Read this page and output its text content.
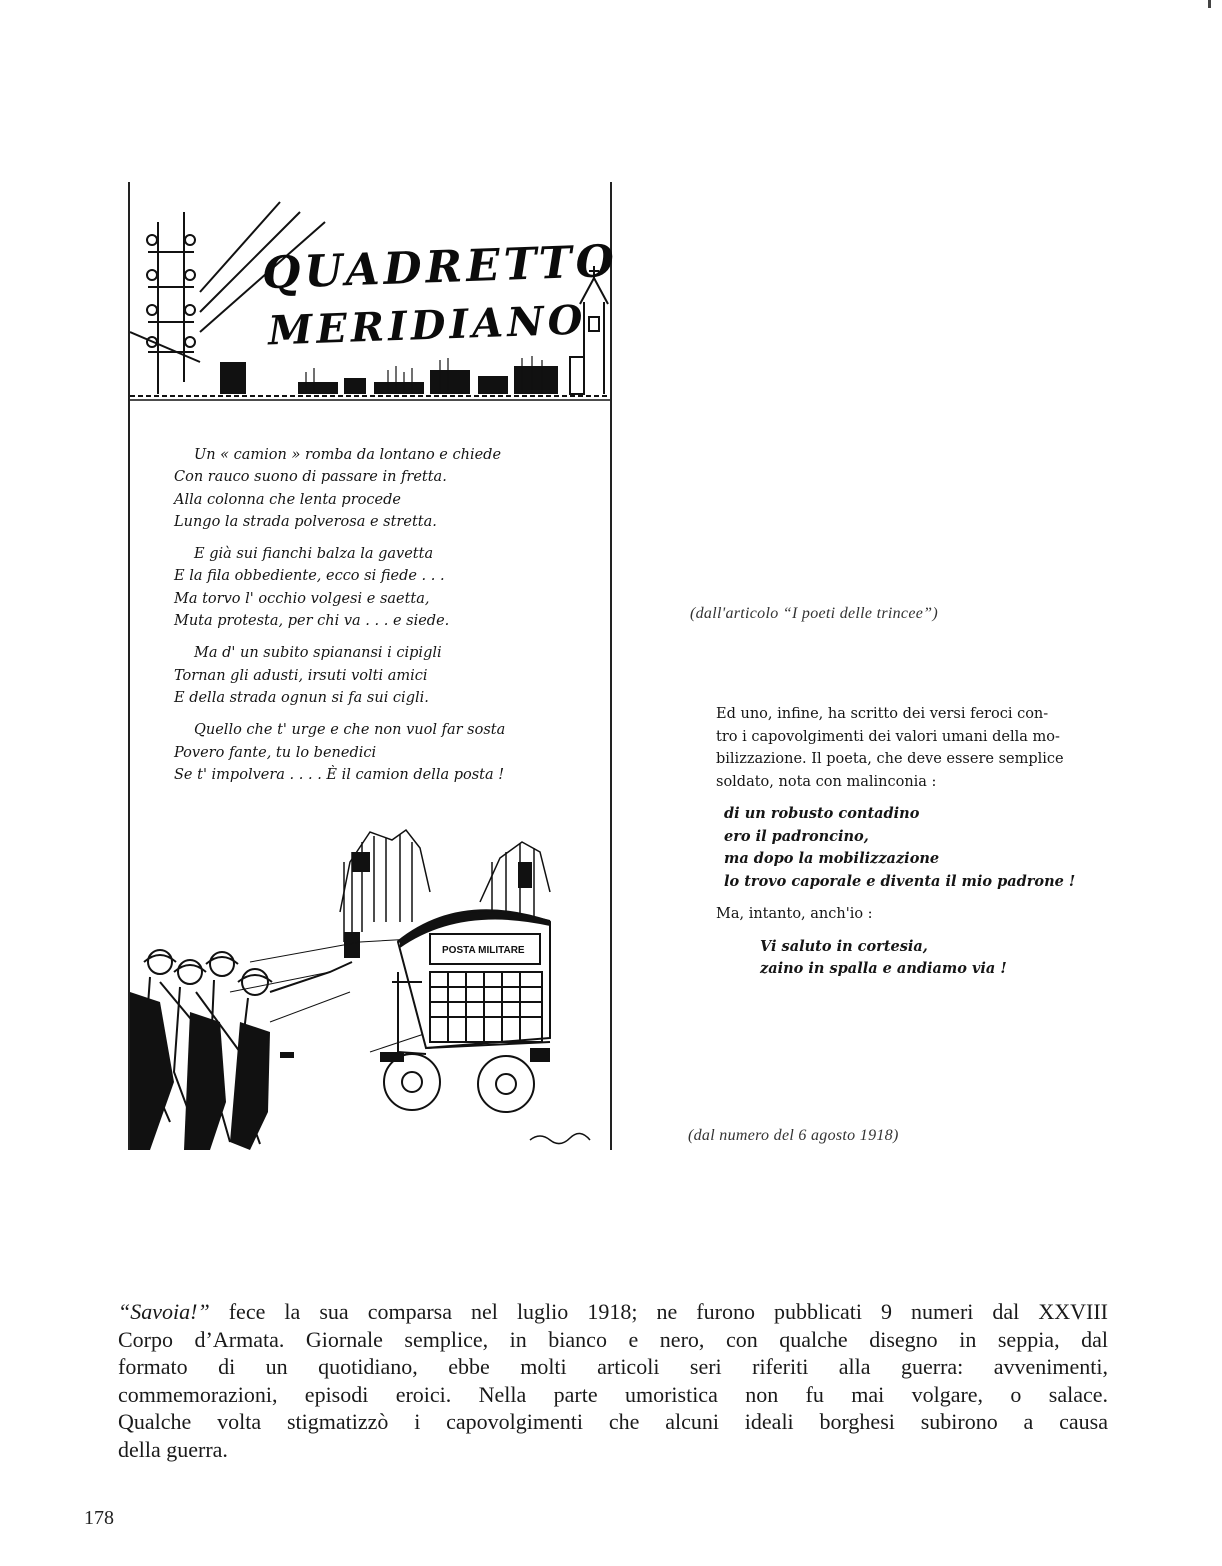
QUADRETTO
MERIDIANO
Un « camion » romba da lontano e chiede
Con rauco suono di passare in fretta.
Alla colonna che lenta procede
Lungo la strada polverosa e stretta.
E già sui fianchi balza la gavetta
E la fila obbediente, ecco si fiede . . .
Ma torvo l' occhio volgesi e saetta,
Muta protesta, per chi va . . . e siede.
Ma d' un subito spianansi i cipigli
Tornan gli adusti, irsuti volti amici
E della strada ognun si fa sui cigli.
Quello che t' urge e che non vuol far sosta
Povero fante, tu lo benedici
Se t' impolvera . . . . È il camion della posta !
POSTA MILITARE
(dall'articolo “I poeti delle trincee”)

Ed uno, infine, ha scritto dei versi feroci con-
tro i capovolgimenti dei valori umani della mo-
bilizzazione. Il poeta, che deve essere semplice
soldato, nota con malinconia :

di un robusto contadino
ero il padroncino,
ma dopo la mobilizzazione
lo trovo caporale e diventa il mio padrone !
Ma, intanto, anch'io :
Vi saluto in cortesia,
zaino in spalla e andiamo via !
(dal numero del 6 agosto 1918)
“Savoia!” fece la sua comparsa nel luglio 1918; ne furono pubblicati 9 numeri dal XXVIII
Corpo d’Armata. Giornale semplice, in bianco e nero, con qualche disegno in seppia, dal
formato di un quotidiano, ebbe molti articoli seri riferiti alla guerra: avvenimenti,
commemorazioni, episodi eroici. Nella parte umoristica non fu mai volgare, o salace.
Qualche volta stigmatizzò i capovolgimenti che alcuni ideali borghesi subirono a causa
della guerra.
178
